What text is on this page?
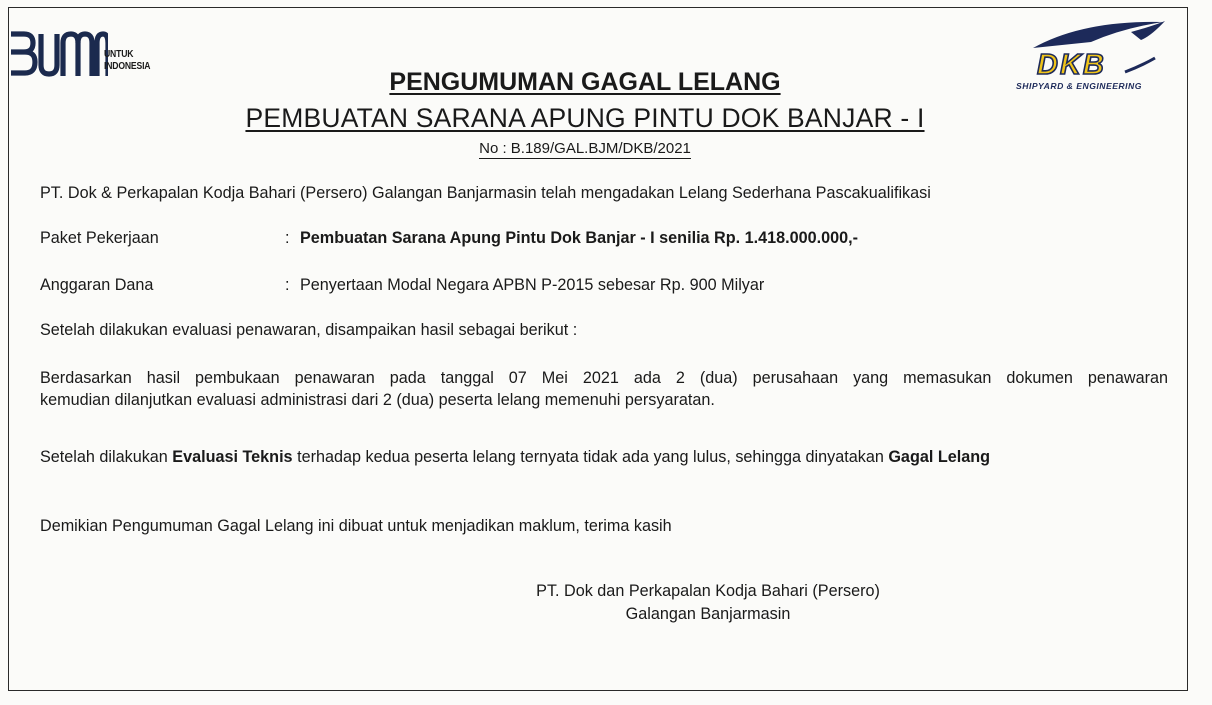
UNTUK
INDONESIA	DKB
SHIPYARD & ENGINEERING
PENGUMUMAN GAGAL LELANG
PEMBUATAN SARANA APUNG PINTU DOK BANJAR - I
No : B.189/GAL.BJM/DKB/2021
PT. Dok & Perkapalan Kodja Bahari (Persero) Galangan Banjarmasin telah mengadakan Lelang Sederhana Pascakualifikasi
Paket Pekerjaan	: Pembuatan Sarana Apung Pintu Dok Banjar - I senilia Rp. 1.418.000.000,-
Anggaran Dana	: Penyertaan Modal Negara APBN P-2015 sebesar Rp. 900 Milyar
Setelah dilakukan evaluasi penawaran, disampaikan hasil sebagai berikut :
Berdasarkan hasil pembukaan penawaran pada tanggal 07 Mei 2021 ada 2 (dua) perusahaan yang memasukan dokumen penawaran
kemudian dilanjutkan evaluasi administrasi dari 2 (dua) peserta lelang memenuhi persyaratan.
Setelah dilakukan Evaluasi Teknis terhadap kedua peserta lelang ternyata tidak ada yang lulus, sehingga dinyatakan Gagal Lelang
Demikian Pengumuman Gagal Lelang ini dibuat untuk menjadikan maklum, terima kasih
PT. Dok dan Perkapalan Kodja Bahari (Persero)
Galangan Banjarmasin
